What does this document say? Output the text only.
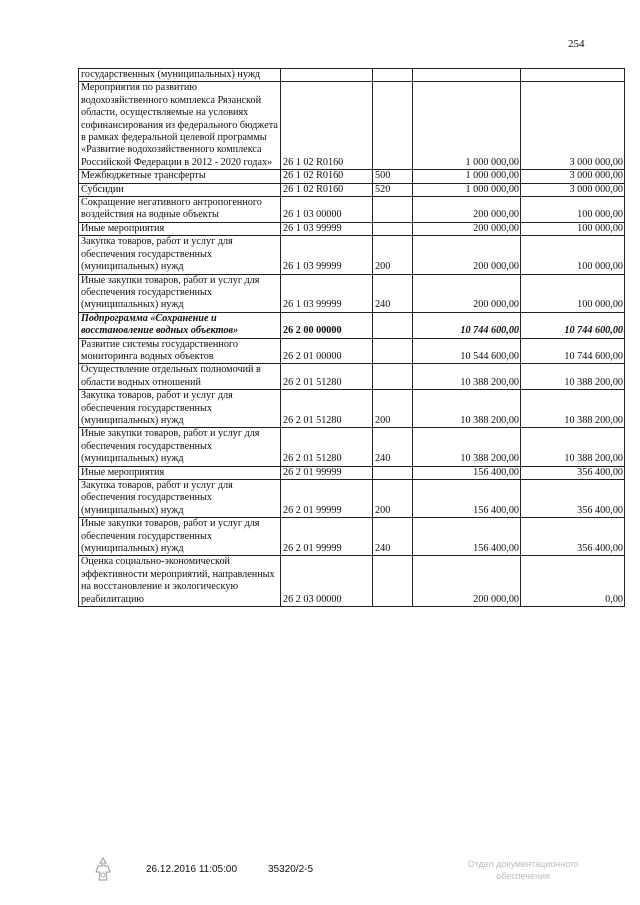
254
государственных (муниципальных) нужд				
Мероприятия по развитию водохозяйственного комплекса Рязанской области, осуществляемые на условиях софинансирования из федерального бюджета в рамках федеральной целевой программы «Развитие водохозяйственного комплекса Российской Федерации в 2012 - 2020 годах»	26 1 02 R0160		1 000 000,00	3 000 000,00
Межбюджетные трансферты	26 1 02 R0160	500	1 000 000,00	3 000 000,00
Субсидии	26 1 02 R0160	520	1 000 000,00	3 000 000,00
Сокращение негативного антропогенного воздействия на водные объекты	26 1 03 00000		200 000,00	100 000,00
Иные мероприятия	26 1 03 99999		200 000,00	100 000,00
Закупка товаров, работ и услуг для обеспечения государственных (муниципальных) нужд	26 1 03 99999	200	200 000,00	100 000,00
Иные закупки товаров, работ и услуг для обеспечения государственных (муниципальных) нужд	26 1 03 99999	240	200 000,00	100 000,00
Подпрограмма «Сохранение и восстановление водных объектов»	26 2 00 00000		10 744 600,00	10 744 600,00
Развитие системы государственного мониторинга водных объектов	26 2 01 00000		10 544 600,00	10 744 600,00
Осуществление отдельных полномочий в области водных отношений	26 2 01 51280		10 388 200,00	10 388 200,00
Закупка товаров, работ и услуг для обеспечения государственных (муниципальных) нужд	26 2 01 51280	200	10 388 200,00	10 388 200,00
Иные закупки товаров, работ и услуг для обеспечения государственных (муниципальных) нужд	26 2 01 51280	240	10 388 200,00	10 388 200,00
Иные мероприятия	26 2 01 99999		156 400,00	356 400,00
Закупка товаров, работ и услуг для обеспечения государственных (муниципальных) нужд	26 2 01 99999	200	156 400,00	356 400,00
Иные закупки товаров, работ и услуг для обеспечения государственных (муниципальных) нужд	26 2 01 99999	240	156 400,00	356 400,00
Оценка социально-экономической эффективности мероприятий, направленных на восстановление и экологическую реабилитацию	26 2 03 00000		200 000,00	0,00
26.12.2016 11:05:00	35320/2-5	Отдел документационного
обеспечения
